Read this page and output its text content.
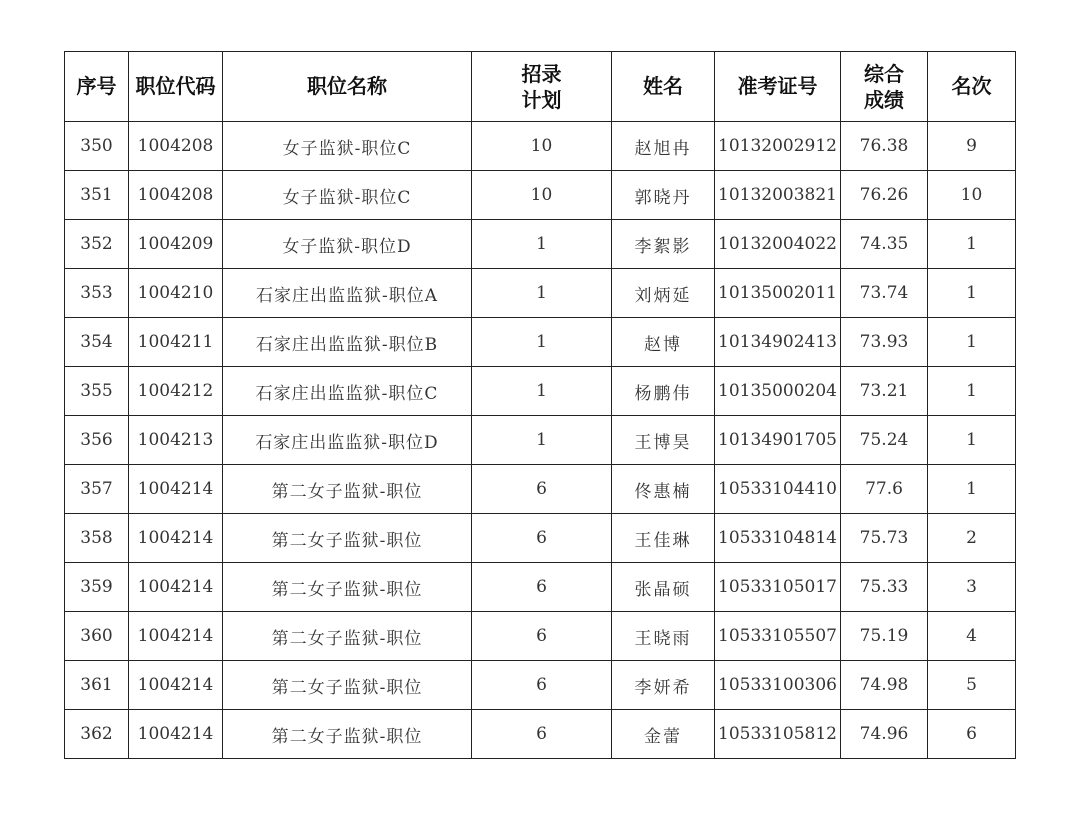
序号	职位代码	职位名称	招录计划	姓名	准考证号	综合成绩	名次
350	1004208	女子监狱-职位C	10	赵旭冉	10132002912	76.38	9
351	1004208	女子监狱-职位C	10	郭晓丹	10132003821	76.26	10
352	1004209	女子监狱-职位D	1	李絮影	10132004022	74.35	1
353	1004210	石家庄出监监狱-职位A	1	刘炳延	10135002011	73.74	1
354	1004211	石家庄出监监狱-职位B	1	赵博	10134902413	73.93	1
355	1004212	石家庄出监监狱-职位C	1	杨鹏伟	10135000204	73.21	1
356	1004213	石家庄出监监狱-职位D	1	王博昊	10134901705	75.24	1
357	1004214	第二女子监狱-职位	6	佟惠楠	10533104410	77.6	1
358	1004214	第二女子监狱-职位	6	王佳琳	10533104814	75.73	2
359	1004214	第二女子监狱-职位	6	张晶硕	10533105017	75.33	3
360	1004214	第二女子监狱-职位	6	王晓雨	10533105507	75.19	4
361	1004214	第二女子监狱-职位	6	李妍希	10533100306	74.98	5
362	1004214	第二女子监狱-职位	6	金蕾	10533105812	74.96	6
